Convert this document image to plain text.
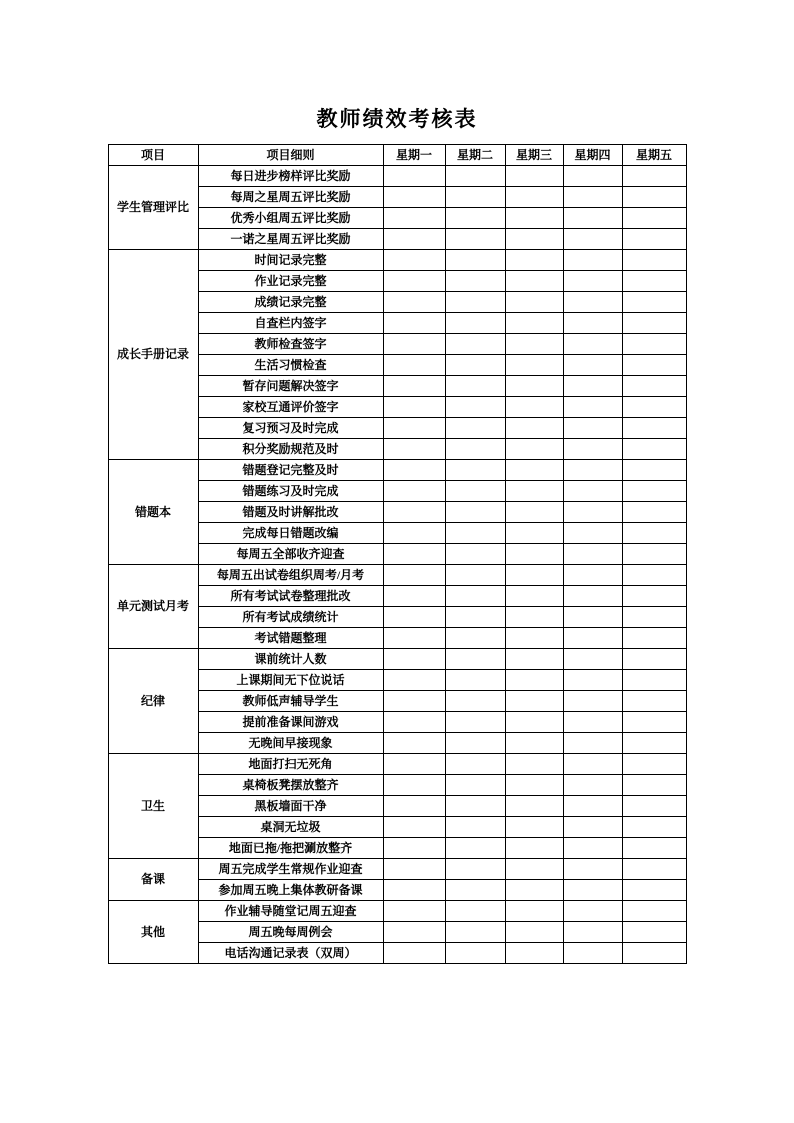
教师绩效考核表
项目	项目细则	星期一	星期二	星期三	星期四	星期五
学生管理评比	每日进步榜样评比奖励					
	每周之星周五评比奖励					
	优秀小组周五评比奖励					
	一诺之星周五评比奖励					
成长手册记录	时间记录完整					
	作业记录完整					
	成绩记录完整					
	自查栏内签字					
	教师检查签字					
	生活习惯检查					
	暂存问题解决签字					
	家校互通评价签字					
	复习预习及时完成					
	积分奖励规范及时					
错题本	错题登记完整及时					
	错题练习及时完成					
	错题及时讲解批改					
	完成每日错题改编					
	每周五全部收齐迎查					
单元测试月考	每周五出试卷组织周考/月考					
	所有考试试卷整理批改					
	所有考试成绩统计					
	考试错题整理					
纪律	课前统计人数					
	上课期间无下位说话					
	教师低声辅导学生					
	提前准备课间游戏					
	无晚间早接现象					
卫生	地面打扫无死角					
	桌椅板凳摆放整齐					
	黑板墙面干净					
	桌洞无垃圾					
	地面已拖/拖把涮放整齐					
备课	周五完成学生常规作业迎查					
	参加周五晚上集体教研备课					
其他	作业辅导随堂记周五迎查					
	周五晚每周例会					
	电话沟通记录表（双周）					
